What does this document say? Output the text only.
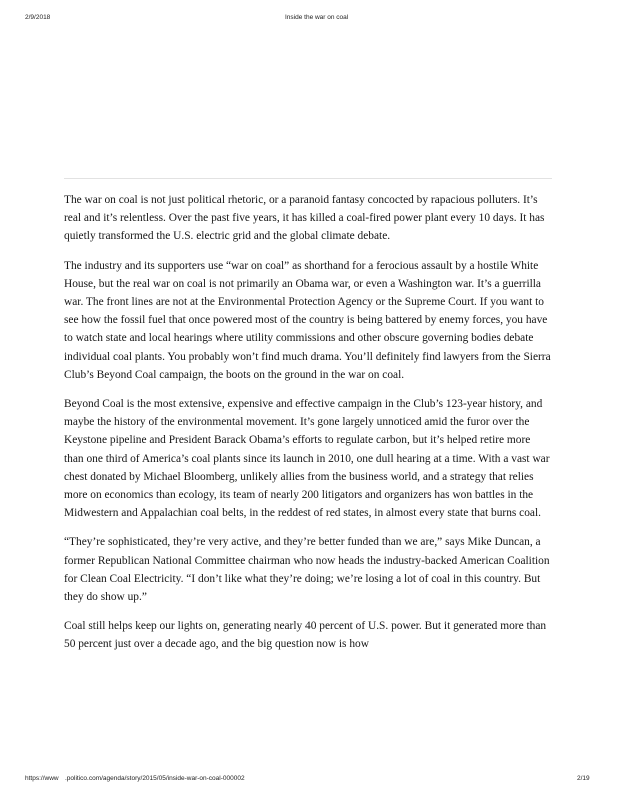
2/9/2018	Inside the war on coal

The war on coal is not just political rhetoric, or a paranoid fantasy concocted by rapacious polluters. It’s real and it’s relentless. Over the past five years, it has killed a coal-fired power plant every 10 days. It has quietly transformed the U.S. electric grid and the global climate debate.

The industry and its supporters use “war on coal” as shorthand for a ferocious assault by a hostile White House, but the real war on coal is not primarily an Obama war, or even a Washington war. It’s a guerrilla war. The front lines are not at the Environmental Protection Agency or the Supreme Court. If you want to see how the fossil fuel that once powered most of the country is being battered by enemy forces, you have to watch state and local hearings where utility commissions and other obscure governing bodies debate individual coal plants. You probably won’t find much drama. You’ll definitely find lawyers from the Sierra Club’s Beyond Coal campaign, the boots on the ground in the war on coal.

Beyond Coal is the most extensive, expensive and effective campaign in the Club’s 123-year history, and maybe the history of the environmental movement. It’s gone largely unnoticed amid the furor over the Keystone pipeline and President Barack Obama’s efforts to regulate carbon, but it’s helped retire more than one third of America’s coal plants since its launch in 2010, one dull hearing at a time. With a vast war chest donated by Michael Bloomberg, unlikely allies from the business world, and a strategy that relies more on economics than ecology, its team of nearly 200 litigators and organizers has won battles in the Midwestern and Appalachian coal belts, in the reddest of red states, in almost every state that burns coal.

“They’re sophisticated, they’re very active, and they’re better funded than we are,” says Mike Duncan, a former Republican National Committee chairman who now heads the industry-backed American Coalition for Clean Coal Electricity. “I don’t like what they’re doing; we’re losing a lot of coal in this country. But they do show up.”

Coal still helps keep our lights on, generating nearly 40 percent of U.S. power. But it generated more than 50 percent just over a decade ago, and the big question now is how

https://www .politico.com/agenda/story/2015/05/inside-war-on-coal-000002	2/19
